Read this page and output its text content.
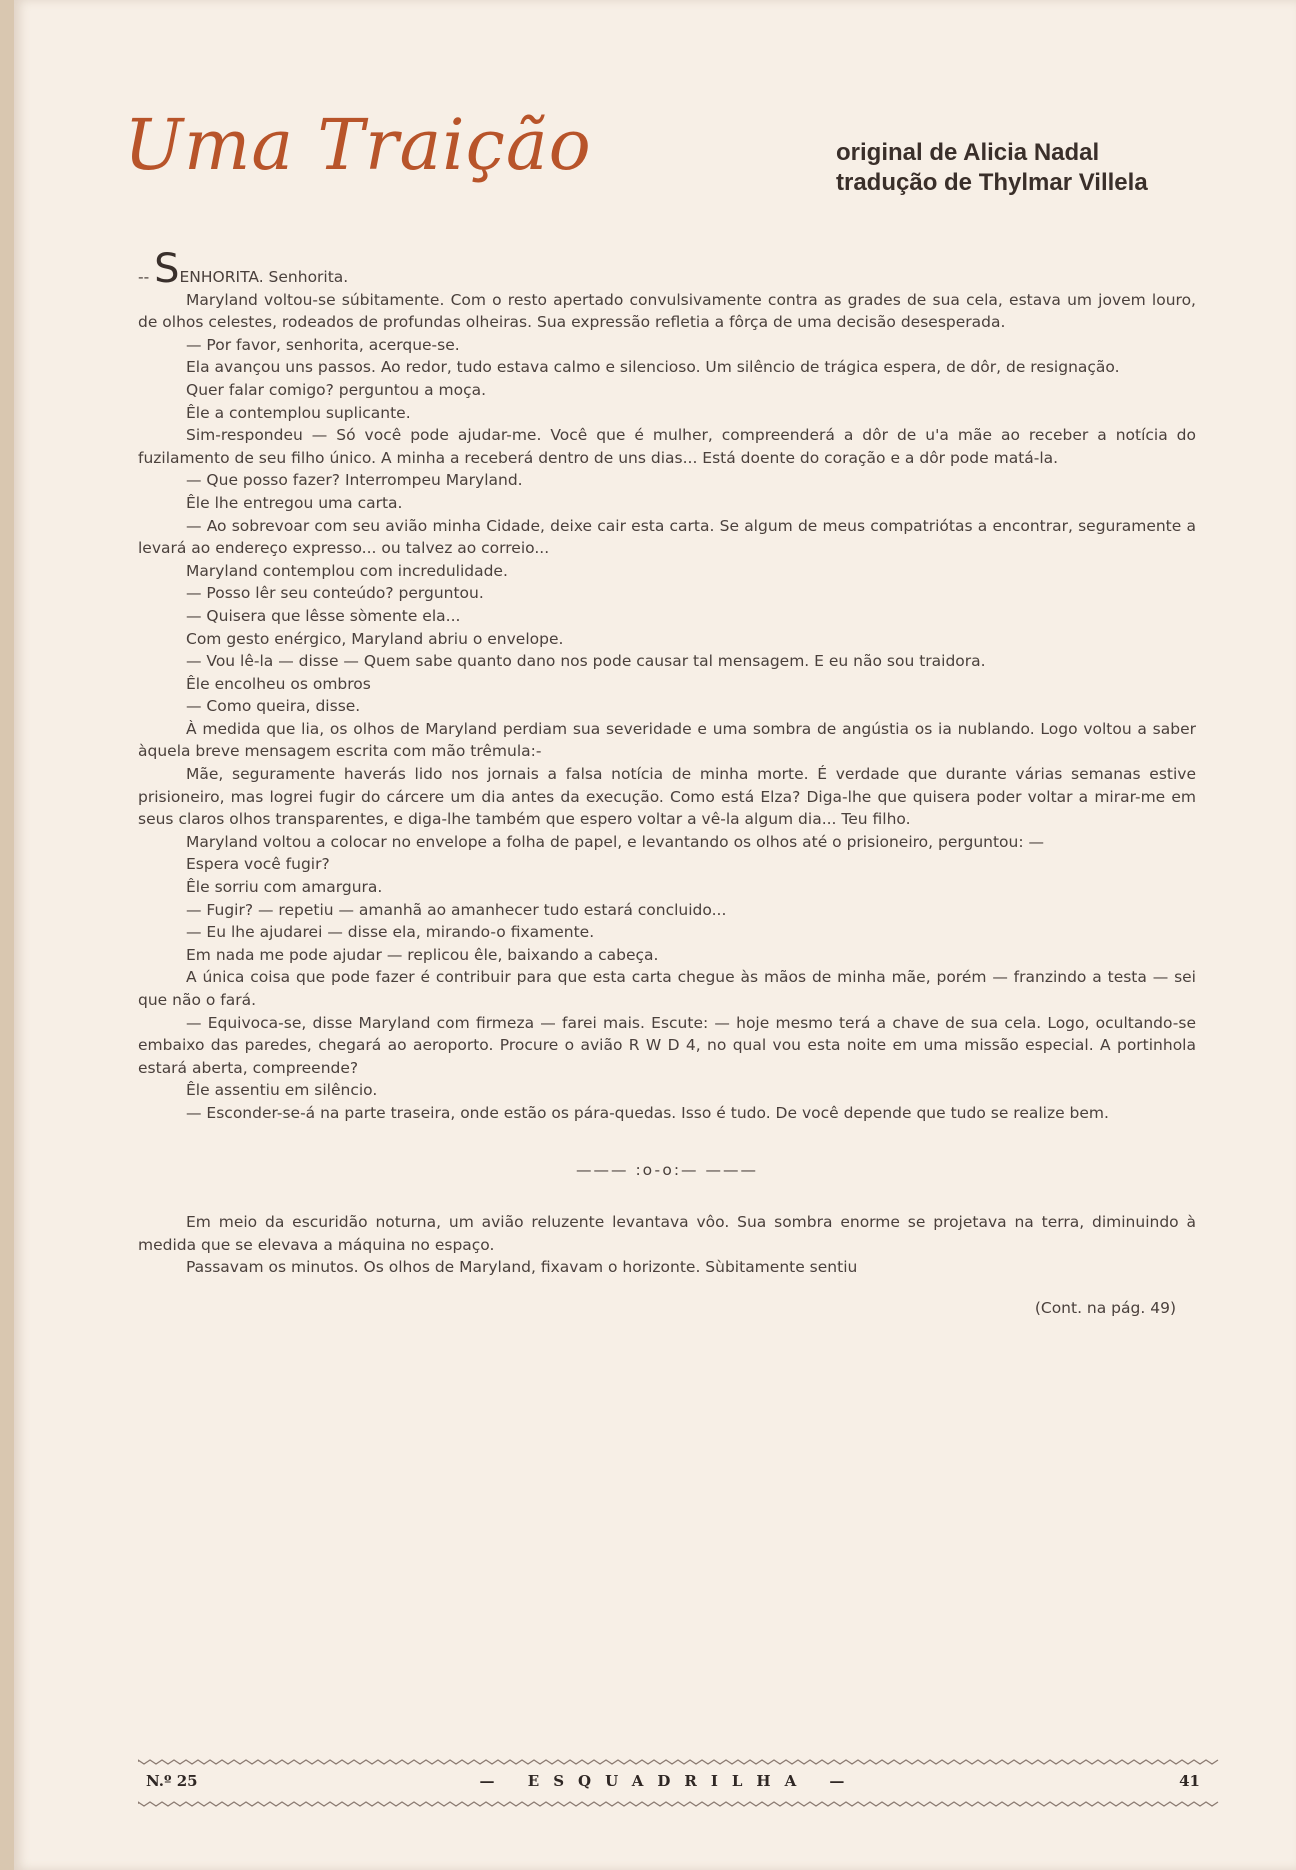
Uma Traição	original de Alicia Nadal
tradução de Thylmar Villela

-- SENHORITA. Senhorita.

Maryland voltou-se súbitamente. Com o resto apertado convulsivamente contra as grades de sua cela, estava um jovem louro, de olhos celestes, rodeados de profundas olheiras. Sua expressão refletia a fôrça de uma decisão desesperada.

— Por favor, senhorita, acerque-se.

Ela avançou uns passos. Ao redor, tudo estava calmo e silencioso. Um silêncio de trágica espera, de dôr, de resignação.

Quer falar comigo? perguntou a moça.

Êle a contemplou suplicante.

Sim-respondeu — Só você pode ajudar-me. Você que é mulher, compreenderá a dôr de u'a mãe ao receber a notícia do fuzilamento de seu filho único. A minha a receberá dentro de uns dias... Está doente do coração e a dôr pode matá-la.

— Que posso fazer? Interrompeu Maryland.

Êle lhe entregou uma carta.

— Ao sobrevoar com seu avião minha Cidade, deixe cair esta carta. Se algum de meus compatriótas a encontrar, seguramente a levará ao endereço expresso... ou talvez ao correio...

Maryland contemplou com incredulidade.

— Posso lêr seu conteúdo? perguntou.

— Quisera que lêsse sòmente ela...

Com gesto enérgico, Maryland abriu o envelope.

— Vou lê-la — disse — Quem sabe quanto dano nos pode causar tal mensagem. E eu não sou traidora.

Êle encolheu os ombros

— Como queira, disse.

À medida que lia, os olhos de Maryland perdiam sua severidade e uma sombra de angústia os ia nublando. Logo voltou a saber àquela breve mensagem escrita com mão trêmula:-

Mãe, seguramente haverás lido nos jornais a falsa notícia de minha morte. É verdade que durante várias semanas estive prisioneiro, mas logrei fugir do cárcere um dia antes da execução. Como está Elza? Diga-lhe que quisera poder voltar a mirar-me em seus claros olhos transparentes, e diga-lhe também que espero voltar a vê-la algum dia... Teu filho.

Maryland voltou a colocar no envelope a folha de papel, e levantando os olhos até o prisioneiro, perguntou: —

Espera você fugir?

Êle sorriu com amargura.

— Fugir? — repetiu — amanhã ao amanhecer tudo estará concluido...

— Eu lhe ajudarei — disse ela, mirando-o fixamente.

Em nada me pode ajudar — replicou êle, baixando a cabeça.

A única coisa que pode fazer é contribuir para que esta carta chegue às mãos de minha mãe, porém — franzindo a testa — sei que não o fará.

— Equivoca-se, disse Maryland com firmeza — farei mais. Escute: — hoje mesmo terá a chave de sua cela. Logo, ocultando-se embaixo das paredes, chegará ao aeroporto. Procure o avião R W D 4, no qual vou esta noite em uma missão especial. A portinhola estará aberta, compreende?

Êle assentiu em silêncio.

— Esconder-se-á na parte traseira, onde estão os pára-quedas. Isso é tudo. De você depende que tudo se realize bem.

——— :o-o:— ———

Em meio da escuridão noturna, um avião reluzente levantava vôo. Sua sombra enorme se projetava na terra, diminuindo à medida que se elevava a máquina no espaço.

Passavam os minutos. Os olhos de Maryland, fixavam o horizonte. Sùbitamente sentiu

(Cont. na pág. 49)

N.º 25	— ESQUADRILHA —	41
